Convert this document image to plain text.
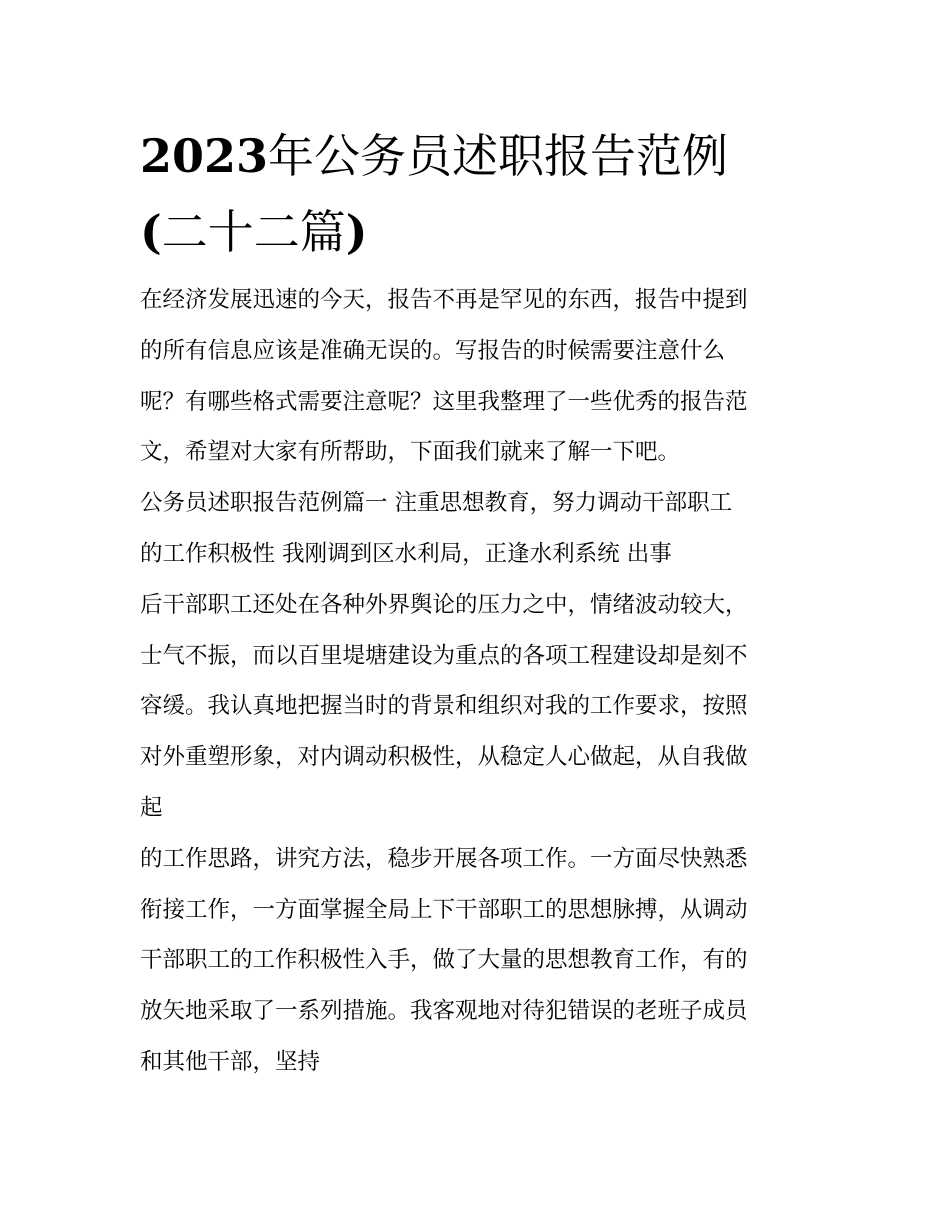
2023年公务员述职报告范例
(二十二篇)
在经济发展迅速的今天，报告不再是罕见的东西，报告中提到
的所有信息应该是准确无误的。写报告的时候需要注意什么
呢？有哪些格式需要注意呢？这里我整理了一些优秀的报告范
文，希望对大家有所帮助，下面我们就来了解一下吧。
公务员述职报告范例篇一 注重思想教育，努力调动干部职工
的工作积极性 我刚调到区水利局，正逢水利系统 出事
后干部职工还处在各种外界舆论的压力之中，情绪波动较大，
士气不振，而以百里堤塘建设为重点的各项工程建设却是刻不
容缓。我认真地把握当时的背景和组织对我的工作要求，按照
对外重塑形象，对内调动积极性，从稳定人心做起，从自我做
起
的工作思路，讲究方法，稳步开展各项工作。一方面尽快熟悉
衔接工作，一方面掌握全局上下干部职工的思想脉搏，从调动
干部职工的工作积极性入手，做了大量的思想教育工作，有的
放矢地采取了一系列措施。我客观地对待犯错误的老班子成员
和其他干部，坚持
